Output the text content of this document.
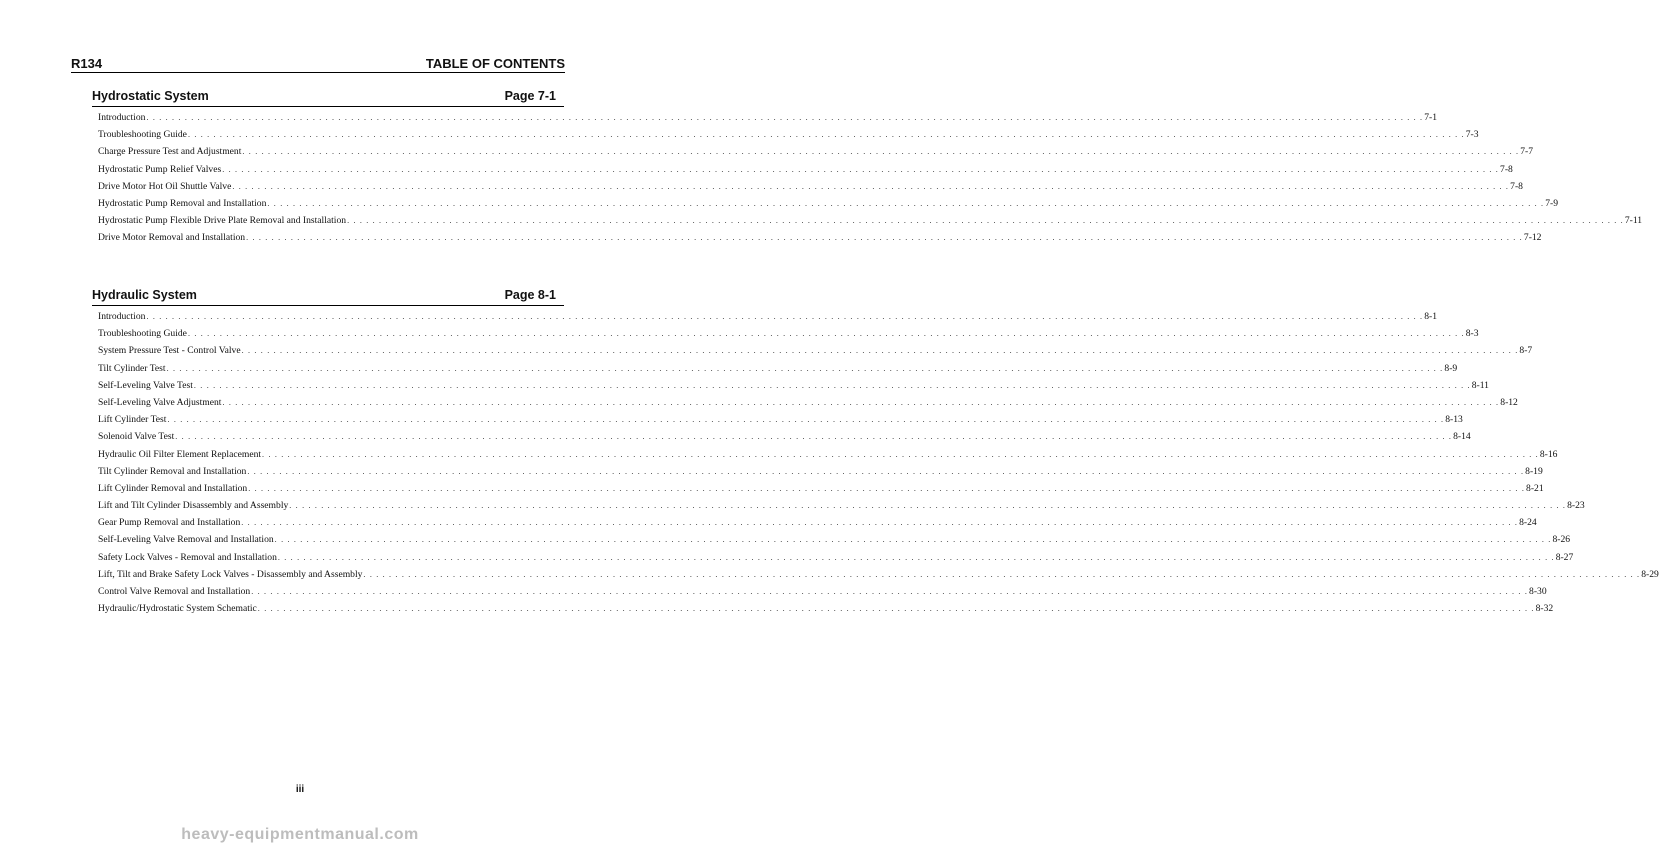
R134	TABLE OF CONTENTS
Hydrostatic System	Page 7-1
Introduction . . . . . . . . . . . . . . . . . . . . . . . . . . . . . . . . . . . . . . . . . . . . . . . . . . . . . . . . . . . . . . . . . . . . . . . . . . . . . . . . . . . . . . . . . . . . . . . . . . . . . . . . . . . . . . . . . . . . . . . . . . . . . . . . . . . . . . . . . . . . . . . . . . . . . . . . . . . . . . . . . . . . . . . . . . . . . . . . . . . . . . . . . . . . . . . . . . . . . . . . 7-1
Troubleshooting Guide . . . . . . . . . . . . . . . . . . . . . . . . . . . . . . . . . . . . . . . . . . . . . . . . . . . . . . . . . . . . . . . . . . . . . . . . . . . . . . . . . . . . . . . . . . . . . . . . . . . . . . . . . . . . . . . . . . . . . . . . . . . . . . . . . . . . . . . . . . . . . . . . . . . . . . . . . . . . . . . . . . . . . . . . . . . . . . . . . . . . . . . . . . . . . . . . . . . . . . . . 7-3
Charge Pressure Test and Adjustment . . . . . . . . . . . . . . . . . . . . . . . . . . . . . . . . . . . . . . . . . . . . . . . . . . . . . . . . . . . . . . . . . . . . . . . . . . . . . . . . . . . . . . . . . . . . . . . . . . . . . . . . . . . . . . . . . . . . . . . . . . . . . . . . . . . . . . . . . . . . . . . . . . . . . . . . . . . . . . . . . . . . . . . . . . . . . . . . . . . . . . . . . . . . . . . . . . . . . . . . 7-7
Hydrostatic Pump Relief Valves . . . . . . . . . . . . . . . . . . . . . . . . . . . . . . . . . . . . . . . . . . . . . . . . . . . . . . . . . . . . . . . . . . . . . . . . . . . . . . . . . . . . . . . . . . . . . . . . . . . . . . . . . . . . . . . . . . . . . . . . . . . . . . . . . . . . . . . . . . . . . . . . . . . . . . . . . . . . . . . . . . . . . . . . . . . . . . . . . . . . . . . . . . . . . . . . . . . . . . . . 7-8
Drive Motor Hot Oil Shuttle Valve . . . . . . . . . . . . . . . . . . . . . . . . . . . . . . . . . . . . . . . . . . . . . . . . . . . . . . . . . . . . . . . . . . . . . . . . . . . . . . . . . . . . . . . . . . . . . . . . . . . . . . . . . . . . . . . . . . . . . . . . . . . . . . . . . . . . . . . . . . . . . . . . . . . . . . . . . . . . . . . . . . . . . . . . . . . . . . . . . . . . . . . . . . . . . . . . . . . . . . . . 7-8
Hydrostatic Pump Removal and Installation . . . . . . . . . . . . . . . . . . . . . . . . . . . . . . . . . . . . . . . . . . . . . . . . . . . . . . . . . . . . . . . . . . . . . . . . . . . . . . . . . . . . . . . . . . . . . . . . . . . . . . . . . . . . . . . . . . . . . . . . . . . . . . . . . . . . . . . . . . . . . . . . . . . . . . . . . . . . . . . . . . . . . . . . . . . . . . . . . . . . . . . . . . . . . . . . . . . . . . . . 7-9
Hydrostatic Pump Flexible Drive Plate Removal and Installation . . . . . . . . . . . . . . . . . . . . . . . . . . . . . . . . . . . . . . . . . . . . . . . . . . . . . . . . . . . . . . . . . . . . . . . . . . . . . . . . . . . . . . . . . . . . . . . . . . . . . . . . . . . . . . . . . . . . . . . . . . . . . . . . . . . . . . . . . . . . . . . . . . . . . . . . . . . . . . . . . . . . . . . . . . . . . . . . . . . . . . . . . . . . . . . . . . . . . . . . 7-11
Drive Motor Removal and Installation . . . . . . . . . . . . . . . . . . . . . . . . . . . . . . . . . . . . . . . . . . . . . . . . . . . . . . . . . . . . . . . . . . . . . . . . . . . . . . . . . . . . . . . . . . . . . . . . . . . . . . . . . . . . . . . . . . . . . . . . . . . . . . . . . . . . . . . . . . . . . . . . . . . . . . . . . . . . . . . . . . . . . . . . . . . . . . . . . . . . . . . . . . . . . . . . . . . . . . . . 7-12
Hydraulic System	Page 8-1
Introduction . . . . . . . . . . . . . . . . . . . . . . . . . . . . . . . . . . . . . . . . . . . . . . . . . . . . . . . . . . . . . . . . . . . . . . . . . . . . . . . . . . . . . . . . . . . . . . . . . . . . . . . . . . . . . . . . . . . . . . . . . . . . . . . . . . . . . . . . . . . . . . . . . . . . . . . . . . . . . . . . . . . . . . . . . . . . . . . . . . . . . . . . . . . . . . . . . . . . . . . . 8-1
Troubleshooting Guide . . . . . . . . . . . . . . . . . . . . . . . . . . . . . . . . . . . . . . . . . . . . . . . . . . . . . . . . . . . . . . . . . . . . . . . . . . . . . . . . . . . . . . . . . . . . . . . . . . . . . . . . . . . . . . . . . . . . . . . . . . . . . . . . . . . . . . . . . . . . . . . . . . . . . . . . . . . . . . . . . . . . . . . . . . . . . . . . . . . . . . . . . . . . . . . . . . . . . . . . 8-3
System Pressure Test - Control Valve . . . . . . . . . . . . . . . . . . . . . . . . . . . . . . . . . . . . . . . . . . . . . . . . . . . . . . . . . . . . . . . . . . . . . . . . . . . . . . . . . . . . . . . . . . . . . . . . . . . . . . . . . . . . . . . . . . . . . . . . . . . . . . . . . . . . . . . . . . . . . . . . . . . . . . . . . . . . . . . . . . . . . . . . . . . . . . . . . . . . . . . . . . . . . . . . . . . . . . . . 8-7
Tilt Cylinder Test . . . . . . . . . . . . . . . . . . . . . . . . . . . . . . . . . . . . . . . . . . . . . . . . . . . . . . . . . . . . . . . . . . . . . . . . . . . . . . . . . . . . . . . . . . . . . . . . . . . . . . . . . . . . . . . . . . . . . . . . . . . . . . . . . . . . . . . . . . . . . . . . . . . . . . . . . . . . . . . . . . . . . . . . . . . . . . . . . . . . . . . . . . . . . . . . . . . . . . . . 8-9
Self-Leveling Valve Test . . . . . . . . . . . . . . . . . . . . . . . . . . . . . . . . . . . . . . . . . . . . . . . . . . . . . . . . . . . . . . . . . . . . . . . . . . . . . . . . . . . . . . . . . . . . . . . . . . . . . . . . . . . . . . . . . . . . . . . . . . . . . . . . . . . . . . . . . . . . . . . . . . . . . . . . . . . . . . . . . . . . . . . . . . . . . . . . . . . . . . . . . . . . . . . . . . . . . . . . 8-11
Self-Leveling Valve Adjustment . . . . . . . . . . . . . . . . . . . . . . . . . . . . . . . . . . . . . . . . . . . . . . . . . . . . . . . . . . . . . . . . . . . . . . . . . . . . . . . . . . . . . . . . . . . . . . . . . . . . . . . . . . . . . . . . . . . . . . . . . . . . . . . . . . . . . . . . . . . . . . . . . . . . . . . . . . . . . . . . . . . . . . . . . . . . . . . . . . . . . . . . . . . . . . . . . . . . . . . . 8-12
Lift Cylinder Test . . . . . . . . . . . . . . . . . . . . . . . . . . . . . . . . . . . . . . . . . . . . . . . . . . . . . . . . . . . . . . . . . . . . . . . . . . . . . . . . . . . . . . . . . . . . . . . . . . . . . . . . . . . . . . . . . . . . . . . . . . . . . . . . . . . . . . . . . . . . . . . . . . . . . . . . . . . . . . . . . . . . . . . . . . . . . . . . . . . . . . . . . . . . . . . . . . . . . . . . 8-13
Solenoid Valve Test . . . . . . . . . . . . . . . . . . . . . . . . . . . . . . . . . . . . . . . . . . . . . . . . . . . . . . . . . . . . . . . . . . . . . . . . . . . . . . . . . . . . . . . . . . . . . . . . . . . . . . . . . . . . . . . . . . . . . . . . . . . . . . . . . . . . . . . . . . . . . . . . . . . . . . . . . . . . . . . . . . . . . . . . . . . . . . . . . . . . . . . . . . . . . . . . . . . . . . . . 8-14
Hydraulic Oil Filter Element Replacement . . . . . . . . . . . . . . . . . . . . . . . . . . . . . . . . . . . . . . . . . . . . . . . . . . . . . . . . . . . . . . . . . . . . . . . . . . . . . . . . . . . . . . . . . . . . . . . . . . . . . . . . . . . . . . . . . . . . . . . . . . . . . . . . . . . . . . . . . . . . . . . . . . . . . . . . . . . . . . . . . . . . . . . . . . . . . . . . . . . . . . . . . . . . . . . . . . . . . . . . 8-16
Tilt Cylinder Removal and Installation . . . . . . . . . . . . . . . . . . . . . . . . . . . . . . . . . . . . . . . . . . . . . . . . . . . . . . . . . . . . . . . . . . . . . . . . . . . . . . . . . . . . . . . . . . . . . . . . . . . . . . . . . . . . . . . . . . . . . . . . . . . . . . . . . . . . . . . . . . . . . . . . . . . . . . . . . . . . . . . . . . . . . . . . . . . . . . . . . . . . . . . . . . . . . . . . . . . . . . . . 8-19
Lift Cylinder Removal and Installation . . . . . . . . . . . . . . . . . . . . . . . . . . . . . . . . . . . . . . . . . . . . . . . . . . . . . . . . . . . . . . . . . . . . . . . . . . . . . . . . . . . . . . . . . . . . . . . . . . . . . . . . . . . . . . . . . . . . . . . . . . . . . . . . . . . . . . . . . . . . . . . . . . . . . . . . . . . . . . . . . . . . . . . . . . . . . . . . . . . . . . . . . . . . . . . . . . . . . . . . 8-21
Lift and Tilt Cylinder Disassembly and Assembly . . . . . . . . . . . . . . . . . . . . . . . . . . . . . . . . . . . . . . . . . . . . . . . . . . . . . . . . . . . . . . . . . . . . . . . . . . . . . . . . . . . . . . . . . . . . . . . . . . . . . . . . . . . . . . . . . . . . . . . . . . . . . . . . . . . . . . . . . . . . . . . . . . . . . . . . . . . . . . . . . . . . . . . . . . . . . . . . . . . . . . . . . . . . . . . . . . . . . . . . 8-23
Gear Pump Removal and Installation . . . . . . . . . . . . . . . . . . . . . . . . . . . . . . . . . . . . . . . . . . . . . . . . . . . . . . . . . . . . . . . . . . . . . . . . . . . . . . . . . . . . . . . . . . . . . . . . . . . . . . . . . . . . . . . . . . . . . . . . . . . . . . . . . . . . . . . . . . . . . . . . . . . . . . . . . . . . . . . . . . . . . . . . . . . . . . . . . . . . . . . . . . . . . . . . . . . . . . . . 8-24
Self-Leveling Valve Removal and Installation . . . . . . . . . . . . . . . . . . . . . . . . . . . . . . . . . . . . . . . . . . . . . . . . . . . . . . . . . . . . . . . . . . . . . . . . . . . . . . . . . . . . . . . . . . . . . . . . . . . . . . . . . . . . . . . . . . . . . . . . . . . . . . . . . . . . . . . . . . . . . . . . . . . . . . . . . . . . . . . . . . . . . . . . . . . . . . . . . . . . . . . . . . . . . . . . . . . . . . . . 8-26
Safety Lock Valves - Removal and Installation . . . . . . . . . . . . . . . . . . . . . . . . . . . . . . . . . . . . . . . . . . . . . . . . . . . . . . . . . . . . . . . . . . . . . . . . . . . . . . . . . . . . . . . . . . . . . . . . . . . . . . . . . . . . . . . . . . . . . . . . . . . . . . . . . . . . . . . . . . . . . . . . . . . . . . . . . . . . . . . . . . . . . . . . . . . . . . . . . . . . . . . . . . . . . . . . . . . . . . . . 8-27
Lift, Tilt and Brake Safety Lock Valves - Disassembly and Assembly . . . . . . . . . . . . . . . . . . . . . . . . . . . . . . . . . . . . . . . . . . . . . . . . . . . . . . . . . . . . . . . . . . . . . . . . . . . . . . . . . . . . . . . . . . . . . . . . . . . . . . . . . . . . . . . . . . . . . . . . . . . . . . . . . . . . . . . . . . . . . . . . . . . . . . . . . . . . . . . . . . . . . . . . . . . . . . . . . . . . . . . . . . . . . . . . . . . . . . . . 8-29
Control Valve Removal and Installation . . . . . . . . . . . . . . . . . . . . . . . . . . . . . . . . . . . . . . . . . . . . . . . . . . . . . . . . . . . . . . . . . . . . . . . . . . . . . . . . . . . . . . . . . . . . . . . . . . . . . . . . . . . . . . . . . . . . . . . . . . . . . . . . . . . . . . . . . . . . . . . . . . . . . . . . . . . . . . . . . . . . . . . . . . . . . . . . . . . . . . . . . . . . . . . . . . . . . . . . 8-30
Hydraulic/Hydrostatic System Schematic . . . . . . . . . . . . . . . . . . . . . . . . . . . . . . . . . . . . . . . . . . . . . . . . . . . . . . . . . . . . . . . . . . . . . . . . . . . . . . . . . . . . . . . . . . . . . . . . . . . . . . . . . . . . . . . . . . . . . . . . . . . . . . . . . . . . . . . . . . . . . . . . . . . . . . . . . . . . . . . . . . . . . . . . . . . . . . . . . . . . . . . . . . . . . . . . . . . . . . . . 8-32
iii
heavy-equipmentmanual.com
